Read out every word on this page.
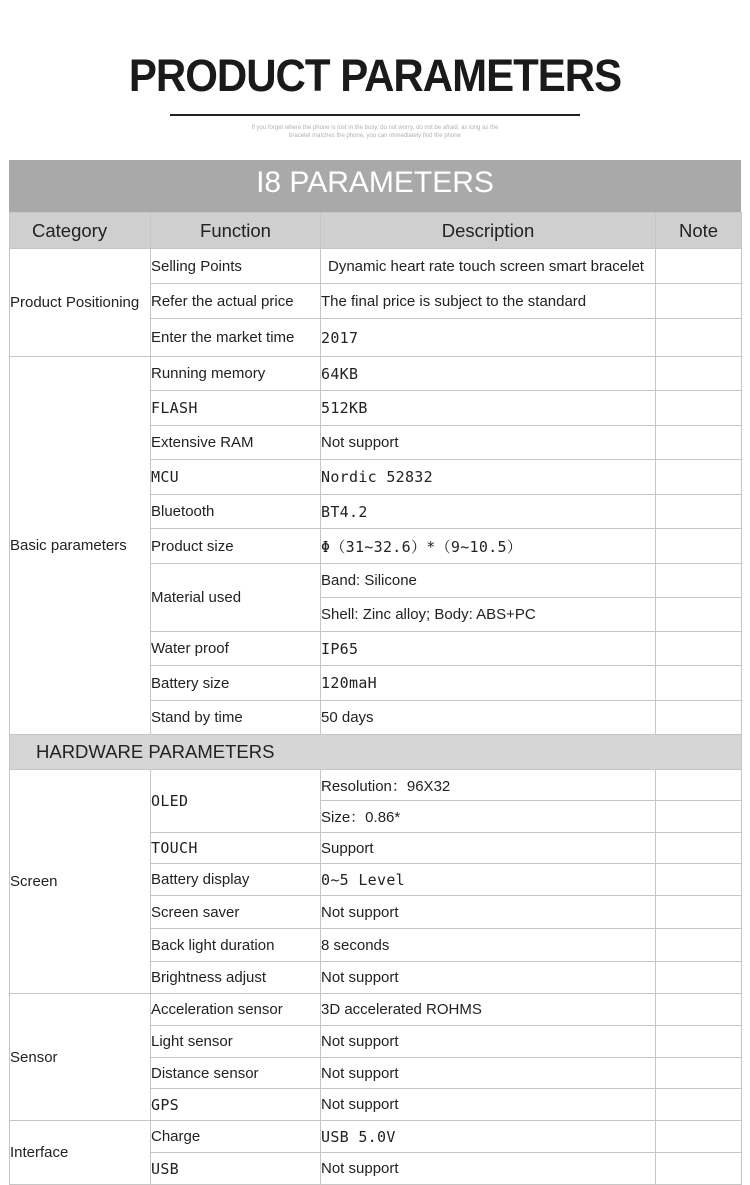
PRODUCT PARAMETERS
If you forget where the phone is lost in the busy, do not worry, do not be afraid, as long as the
bracelet matches the phone, you can immediately find the phone
I8 PARAMETERS
Category	Function	Description	Note
Product Positioning	Selling Points	Dynamic heart rate touch screen smart bracelet	
	Refer the actual price	The final price is subject to the standard	
	Enter the market time	2017	
Basic parameters	Running memory	64KB	
	FLASH	512KB	
	Extensive RAM	Not support	
	MCU	Nordic 52832	
	Bluetooth	BT4.2	
	Product size	Φ（31~32.6）*（9~10.5）	
	Material used	Band: Silicone	
		Shell: Zinc alloy; Body: ABS+PC	
	Water proof	IP65	
	Battery size	120maH	
	Stand by time	50 days	
HARDWARE PARAMETERS			
Screen	OLED	Resolution：96X32	
		Size：0.86*	
	TOUCH	Support	
	Battery display	0~5 Level	
	Screen saver	Not support	
	Back light duration	8 seconds	
	Brightness adjust	Not support	
Sensor	Acceleration sensor	3D accelerated ROHMS	
	Light sensor	Not support	
	Distance sensor	Not support	
	GPS	Not support	
Interface	Charge	USB 5.0V	
	USB	Not support	
